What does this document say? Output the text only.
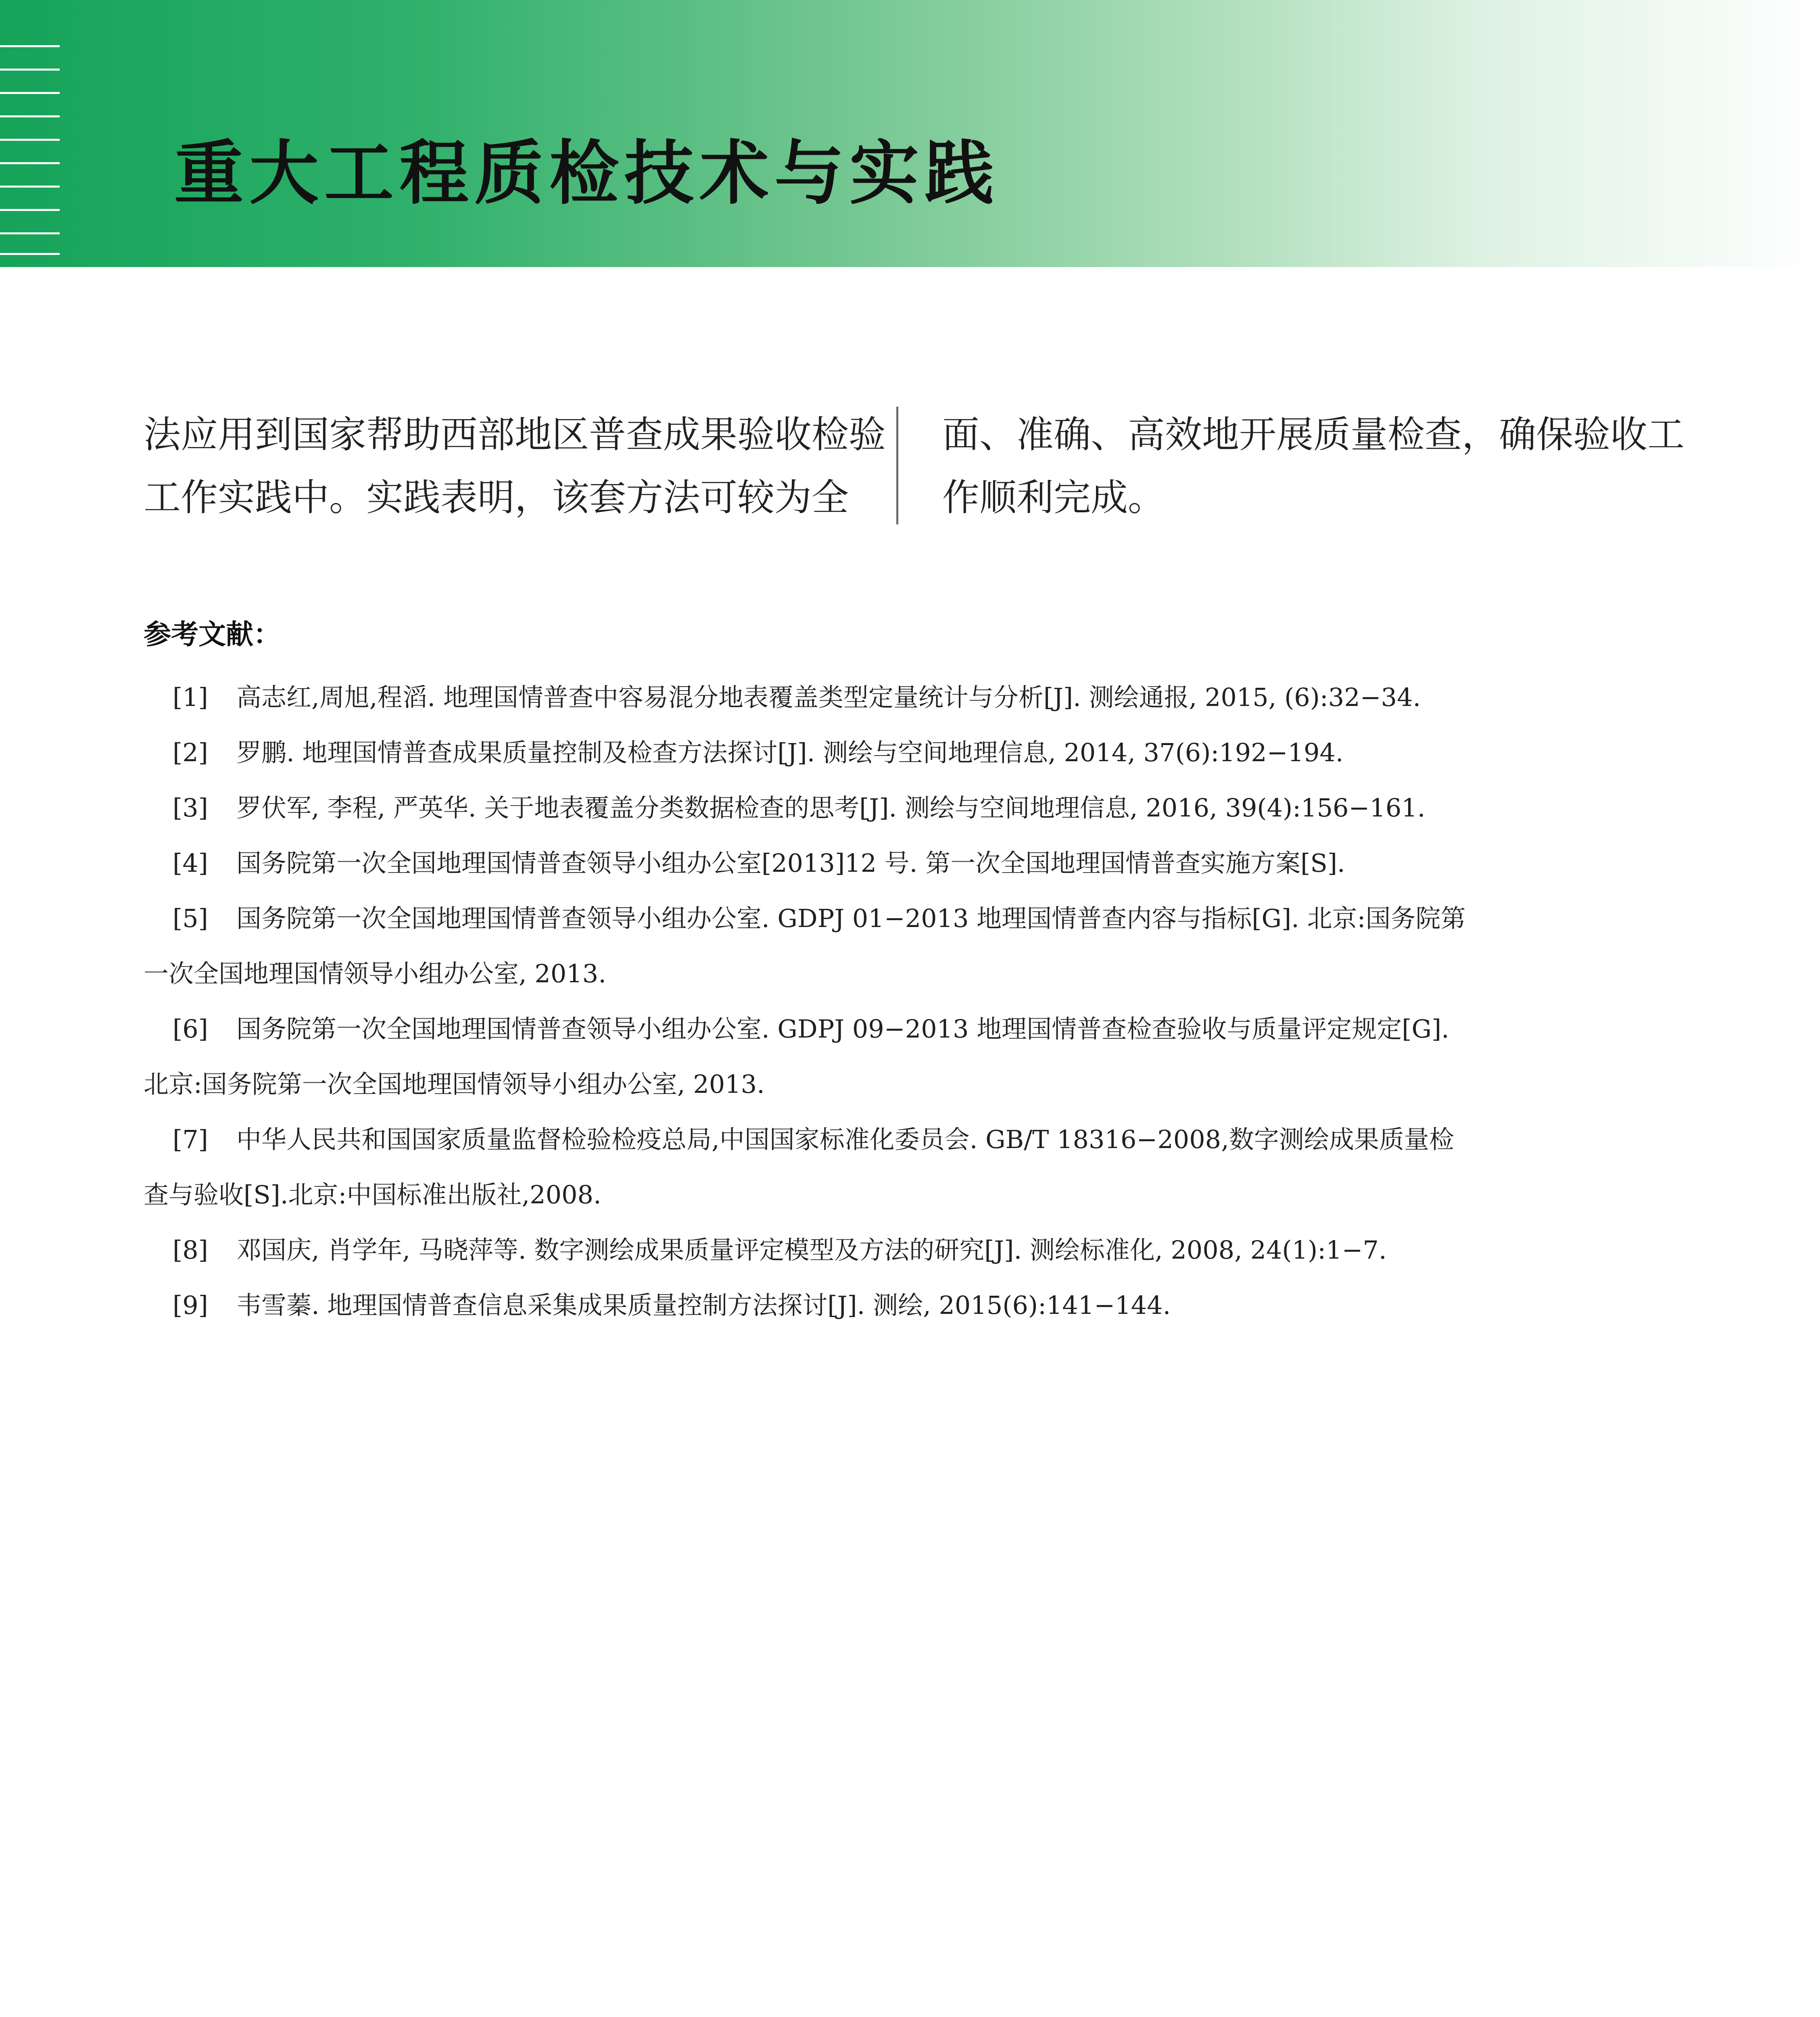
重大工程质检技术与实践
法应用到国家帮助西部地区普查成果验收检验
工作实践中。实践表明，该套方法可较为全
面、准确、高效地开展质量检查，确保验收工
作顺利完成。
参考文献：
[1] 高志红,周旭,程滔. 地理国情普查中容易混分地表覆盖类型定量统计与分析[J]. 测绘通报, 2015, (6):32−34.
[2] 罗鹏. 地理国情普查成果质量控制及检查方法探讨[J]. 测绘与空间地理信息, 2014, 37(6):192−194.
[3] 罗伏军, 李程, 严英华. 关于地表覆盖分类数据检查的思考[J]. 测绘与空间地理信息, 2016, 39(4):156−161.
[4] 国务院第一次全国地理国情普查领导小组办公室[2013]12 号. 第一次全国地理国情普查实施方案[S].
[5] 国务院第一次全国地理国情普查领导小组办公室. GDPJ 01−2013 地理国情普查内容与指标[G]. 北京:国务院第
一次全国地理国情领导小组办公室, 2013.
[6] 国务院第一次全国地理国情普查领导小组办公室. GDPJ 09−2013 地理国情普查检查验收与质量评定规定[G].
北京:国务院第一次全国地理国情领导小组办公室, 2013.
[7] 中华人民共和国国家质量监督检验检疫总局,中国国家标准化委员会. GB/T 18316−2008,数字测绘成果质量检
查与验收[S].北京:中国标准出版社,2008.
[8] 邓国庆, 肖学年, 马晓萍等. 数字测绘成果质量评定模型及方法的研究[J]. 测绘标准化, 2008, 24(1):1−7.
[9] 韦雪蓁. 地理国情普查信息采集成果质量控制方法探讨[J]. 测绘, 2015(6):141−144.
